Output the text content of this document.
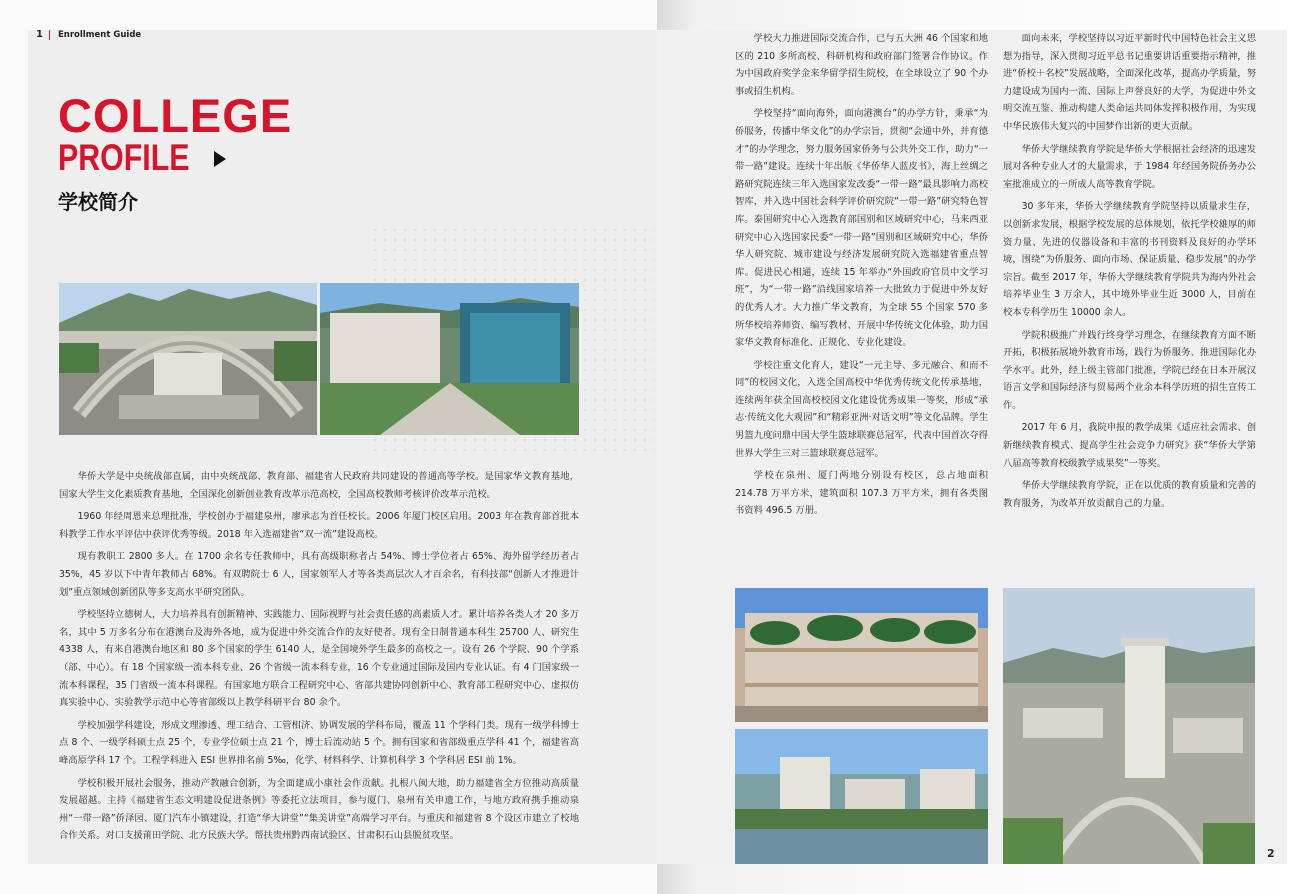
1 Enrollment Guide
COLLEGE
PROFILE
学校简介

华侨大学是中央统战部直属，由中央统战部、教育部、福建省人民政府共同建设的普通高等学校。是国家华文教育基地，国家大学生文化素质教育基地，全国深化创新创业教育改革示范高校，全国高校教师考核评价改革示范校。

1960 年经周恩来总理批准，学校创办于福建泉州，廖承志为首任校长。2006 年厦门校区启用。2003 年在教育部首批本科教学工作水平评估中获评优秀等级。2018 年入选福建省“双一流”建设高校。

现有教职工 2800 多人。在 1700 余名专任教师中，具有高级职称者占 54%、博士学位者占 65%、海外留学经历者占 35%，45 岁以下中青年教师占 68%。有双聘院士 6 人，国家领军人才等各类高层次人才百余名，有科技部“创新人才推进计划”重点领域创新团队等多支高水平研究团队。

学校坚持立德树人，大力培养具有创新精神、实践能力、国际视野与社会责任感的高素质人才。累计培养各类人才 20 多万名，其中 5 万多名分布在港澳台及海外各地，成为促进中外交流合作的友好使者。现有全日制普通本科生 25700 人、研究生 4338 人，有来自港澳台地区和 80 多个国家的学生 6140 人，是全国境外学生最多的高校之一。设有 26 个学院、90 个学系（部、中心）。有 18 个国家级一流本科专业、26 个省级一流本科专业，16 个专业通过国际及国内专业认证。有 4 门国家级一流本科课程，35 门省级一流本科课程。有国家地方联合工程研究中心、省部共建协同创新中心、教育部工程研究中心、虚拟仿真实验中心、实验教学示范中心等省部级以上教学科研平台 80 余个。

学校加强学科建设，形成文理渗透、理工结合、工管相济、协调发展的学科布局，覆盖 11 个学科门类。现有一级学科博士点 8 个、一级学科硕士点 25 个，专业学位硕士点 21 个，博士后流动站 5 个。拥有国家和省部级重点学科 41 个，福建省高峰高原学科 17 个。工程学科进入 ESI 世界排名前 5‰，化学、材料科学、计算机科学 3 个学科居 ESI 前 1%。

学校积极开展社会服务，推动产教融合创新，为全面建成小康社会作贡献。扎根八闽大地，助力福建省全方位推动高质量发展超越。主持《福建省生态文明建设促进条例》等委托立法项目，参与厦门、泉州有关申遗工作，与地方政府携手推动泉州“一带一路”侨泽园、厦门汽车小镇建设，打造“华大讲堂”“集美讲堂”高端学习平台。与重庆和福建省 8 个设区市建立了校地合作关系。对口支援莆田学院、北方民族大学。帮扶贵州黔西南试验区、甘肃积石山县脱贫攻坚。

学校大力推进国际交流合作，已与五大洲 46 个国家和地区的 210 多所高校、科研机构和政府部门签署合作协议。作为中国政府奖学金来华留学招生院校，在全球设立了 90 个办事或招生机构。

学校坚持“面向海外，面向港澳台”的办学方针，秉承“为侨服务，传播中华文化”的办学宗旨，贯彻“会通中外，并育德才”的办学理念，努力服务国家侨务与公共外交工作，助力“一带一路”建设。连续十年出版《华侨华人蓝皮书》，海上丝绸之路研究院连续三年入选国家发改委“一带一路”最具影响力高校智库，并入选中国社会科学评价研究院“一带一路”研究特色智库。泰国研究中心入选教育部国别和区域研究中心，马来西亚研究中心入选国家民委“一带一路”国别和区域研究中心，华侨华人研究院、城市建设与经济发展研究院入选福建省重点智库。促进民心相通，连续 15 年举办“外国政府官员中文学习班”，为“一带一路”沿线国家培养一大批致力于促进中外友好的优秀人才。大力推广华文教育，为全球 55 个国家 570 多所华校培养师资、编写教材、开展中华传统文化体验，助力国家华文教育标准化、正规化、专业化建设。

学校注重文化育人，建设“一元主导、多元融合、和而不同”的校园文化，入选全国高校中华优秀传统文化传承基地，连续两年获全国高校校园文化建设优秀成果一等奖，形成“承志·传统文化大观园”和“精彩亚洲·对话文明”等文化品牌。学生男篮九度问鼎中国大学生篮球联赛总冠军，代表中国首次夺得世界大学生三对三篮球联赛总冠军。

学校在泉州、厦门两地分别设有校区，总占地面积 214.78 万平方米，建筑面积 107.3 万平方米，拥有各类图书资料 496.5 万册。

面向未来，学校坚持以习近平新时代中国特色社会主义思想为指导，深入贯彻习近平总书记重要讲话重要指示精神，推进“侨校＋名校”发展战略，全面深化改革，提高办学质量，努力建设成为国内一流、国际上声誉良好的大学，为促进中外文明交流互鉴、推动构建人类命运共同体发挥积极作用，为实现中华民族伟大复兴的中国梦作出新的更大贡献。

华侨大学继续教育学院是华侨大学根据社会经济的迅速发展对各种专业人才的大量需求，于 1984 年经国务院侨务办公室批准成立的一所成人高等教育学院。

30 多年来，华侨大学继续教育学院坚持以质量求生存，以创新求发展，根据学校发展的总体规划，依托学校雄厚的师资力量、先进的仪器设备和丰富的书刊资料及良好的办学环境，围绕“为侨服务、面向市场、保证质量、稳步发展”的办学宗旨。截至 2017 年，华侨大学继续教育学院共为海内外社会培养毕业生 3 万余人，其中境外毕业生近 3000 人，目前在校本专科学历生 10000 余人。

学院积极推广并践行终身学习理念，在继续教育方面不断开拓，积极拓展境外教育市场，践行为侨服务、推进国际化办学水平。此外，经上级主管部门批准，学院已经在日本开展汉语言文学和国际经济与贸易两个业余本科学历班的招生宣传工作。

2017 年 6 月，我院申报的教学成果《适应社会需求、创新继续教育模式、提高学生社会竞争力研究》获“华侨大学第八届高等教育校级教学成果奖”一等奖。

华侨大学继续教育学院，正在以优质的教育质量和完善的教育服务，为改革开放贡献自己的力量。

2
